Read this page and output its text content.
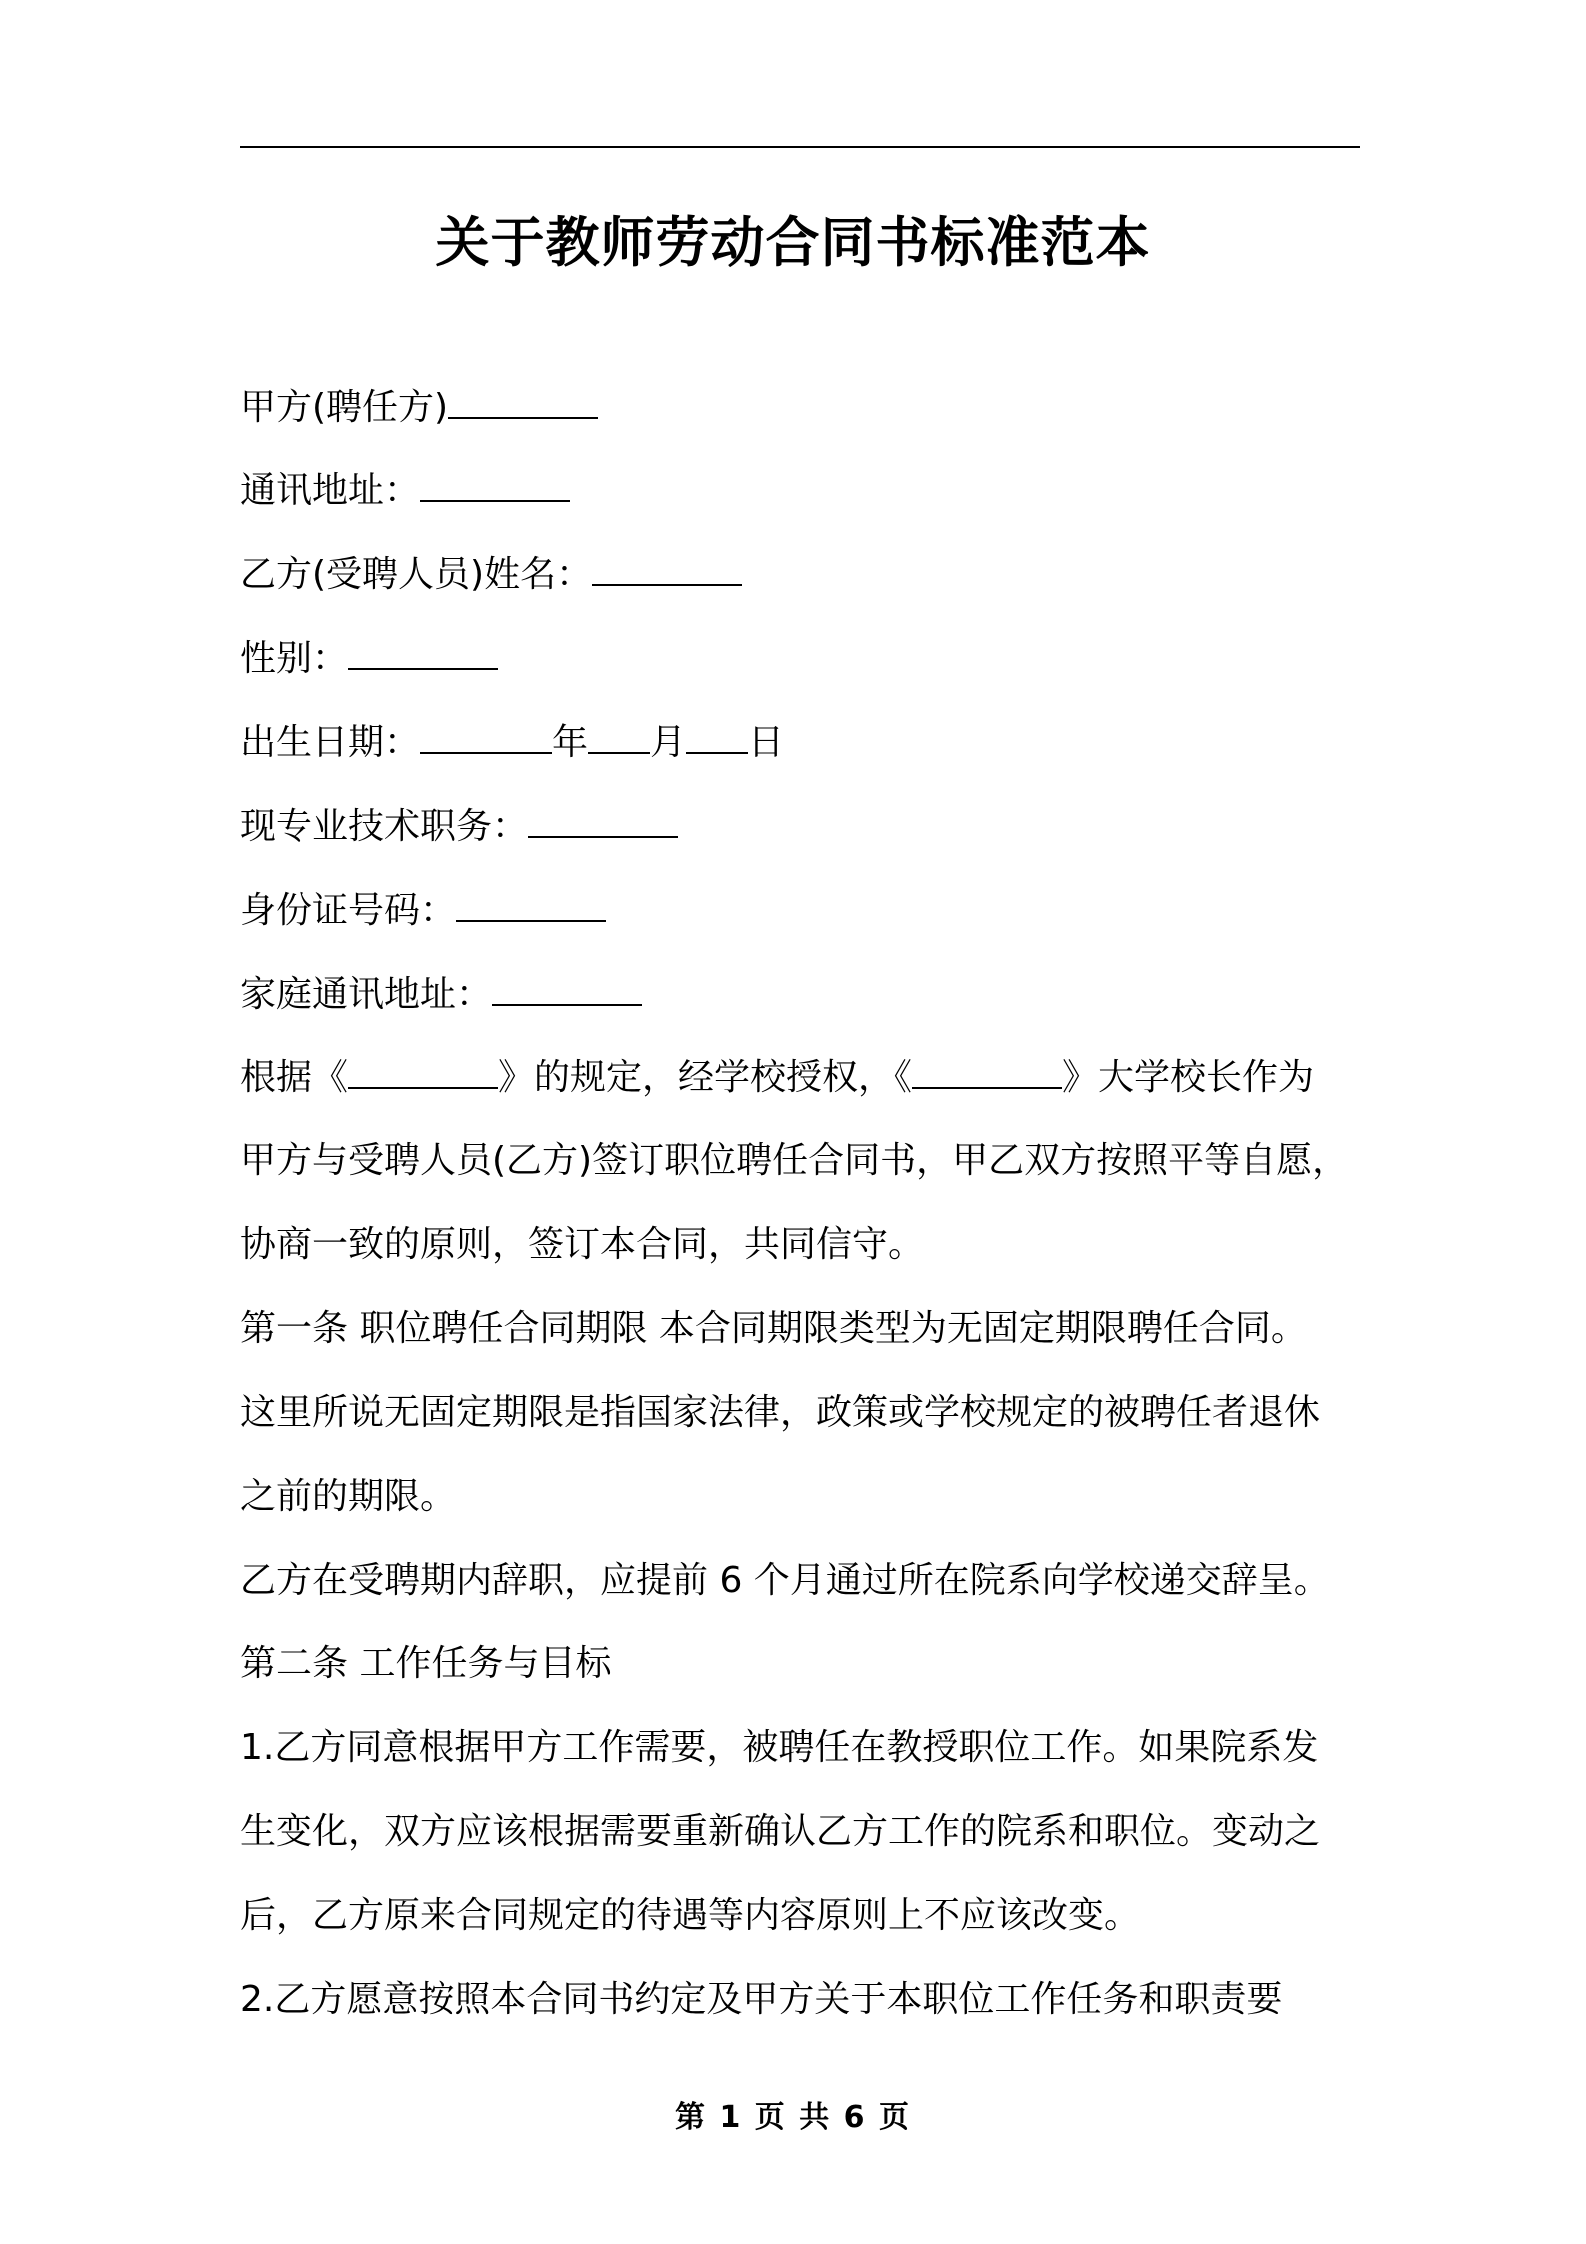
关于教师劳动合同书标准范本
甲方(聘任方)
通讯地址：
乙方(受聘人员)姓名：
性别：
出生日期：	年 月 日
现专业技术职务：
身份证号码：
家庭通讯地址：
根据《	》的规定，经学校授权，《	》大学校长作为
甲方与受聘人员(乙方)签订职位聘任合同书，甲乙双方按照平等自愿，
协商一致的原则，签订本合同，共同信守。
第一条 职位聘任合同期限 本合同期限类型为无固定期限聘任合同。
这里所说无固定期限是指国家法律，政策或学校规定的被聘任者退休
之前的期限。
乙方在受聘期内辞职，应提前 6 个月通过所在院系向学校递交辞呈。
第二条 工作任务与目标
1.乙方同意根据甲方工作需要，被聘任在教授职位工作。如果院系发
生变化，双方应该根据需要重新确认乙方工作的院系和职位。变动之
后，乙方原来合同规定的待遇等内容原则上不应该改变。
2.乙方愿意按照本合同书约定及甲方关于本职位工作任务和职责要
第 1 页 共 6 页
